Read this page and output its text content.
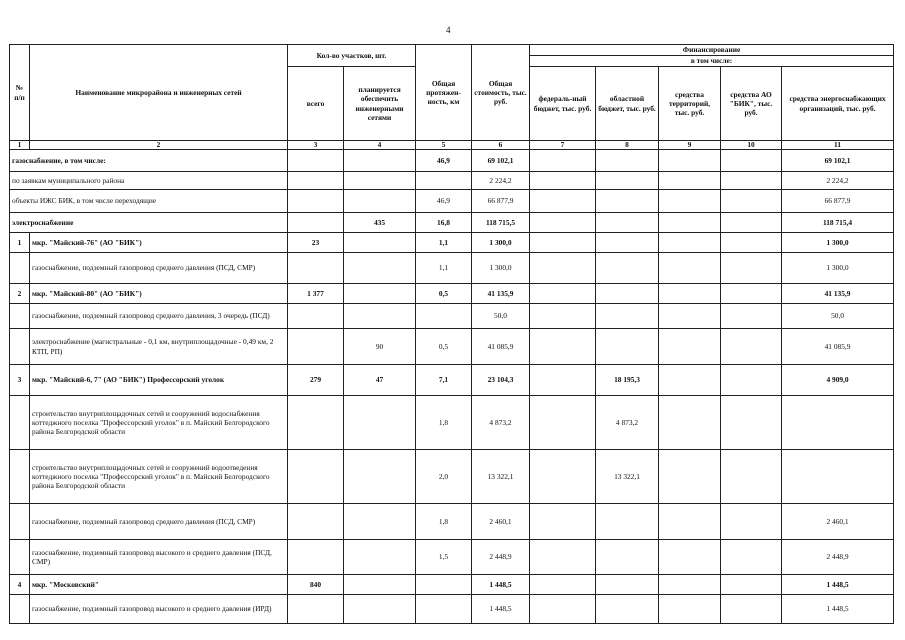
4
№ п/п	Наименование микрорайона и инженерных сетей	Кол-во участков, шт.		Общая протяжен-ность, км	Общая стоимость, тыс. руб.	Финансирование				
						в том числе:				
		всего	планируется обеспечить инженерными сетями			федераль-ный бюджет, тыс. руб.	областной бюджет, тыс. руб.	средства территорий, тыс. руб.	средства АО "БИК", тыс. руб.	средства энергоснабжающих организаций, тыс. руб.
1	2	3	4	5	6	7	8	9	10	11
газоснабжение, в том числе:				46,9	69 102,1					69 102,1
по заявкам муниципального района					2 224,2					2 224,2
объекты ИЖС БИК, в том числе переходящие				46,9	66 877,9					66 877,9
электроснабжение			435	16,8	118 715,5					118 715,4
1	мкр. "Майский-76" (АО "БИК")	23		1,1	1 300,0					1 300,0
	газоснабжение, подземный газопровод среднего давления (ПСД, СМР)			1,1	1 300,0					1 300,0
2	мкр. "Майский-80" (АО "БИК")	1 377		0,5	41 135,9					41 135,9
	газоснабжение, подземный газопровод среднего давления, 3 очередь (ПСД)				50,0					50,0
	электроснабжение (магистральные - 0,1 км, внутриплощадочные - 0,49 км, 2 КТП, РП)		90	0,5	41 085,9					41 085,9
3	мкр. "Майский-6, 7" (АО "БИК") Профессорский уголок	279	47	7,1	23 104,3		18 195,3			4 909,0
	строительство внутриплощадочных сетей и сооружений водоснабжения коттеджного поселка "Профессорский уголок" в п. Майский Белгородского района Белгородской области			1,8	4 873,2		4 873,2			
	строительство внутриплощадочных сетей и сооружений водоотведения коттеджного поселка "Профессорский уголок" в п. Майский Белгородского района Белгородской области			2,0	13 322,1		13 322,1			
	газоснабжение, подземный газопровод среднего давления (ПСД, СМР)			1,8	2 460,1					2 460,1
	газоснабжение, подземный газопровод высокого и среднего давления (ПСД, СМР)			1,5	2 448,9					2 448,9
4	мкр. "Московский"	840			1 448,5					1 448,5
	газоснабжение, подземный газопровод высокого и среднего давления (ИРД)				1 448,5					1 448,5
